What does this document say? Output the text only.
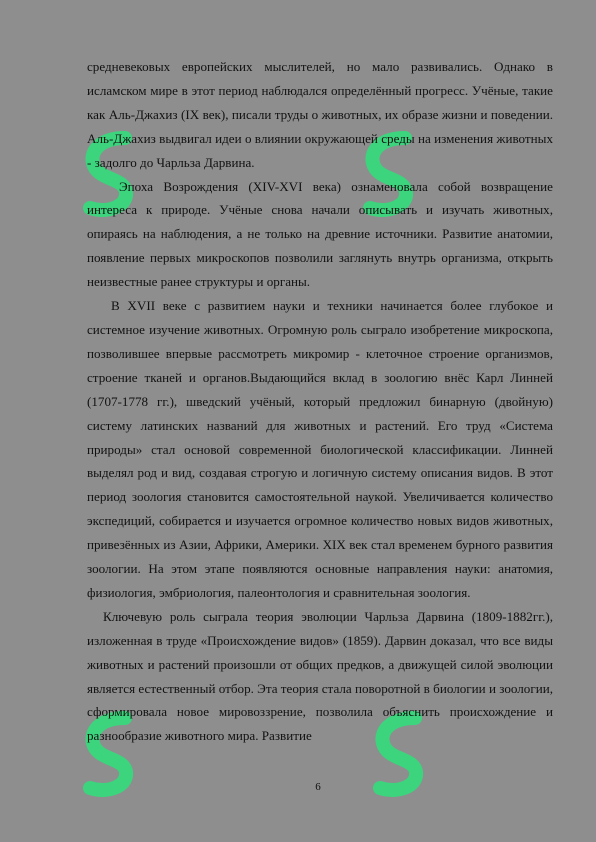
средневековых европейских мыслителей, но мало развивались. Однако в исламском мире в этот период наблюдался определённый прогресс. Учёные, такие как Аль-Джахиз (IX век), писали труды о животных, их образе жизни и поведении. Аль-Джахиз выдвигал идеи о влиянии окружающей среды на изменения животных - задолго до Чарльза Дарвина.

Эпоха Возрождения (XIV-XVI века) ознаменовала собой возвращение интереса к природе. Учёные снова начали описывать и изучать животных, опираясь на наблюдения, а не только на древние источники. Развитие анатомии, появление первых микроскопов позволили заглянуть внутрь организма, открыть неизвестные ранее структуры и органы.

В XVII веке с развитием науки и техники начинается более глубокое и системное изучение животных. Огромную роль сыграло изобретение микроскопа, позволившее впервые рассмотреть микромир - клеточное строение организмов, строение тканей и органов.Выдающийся вклад в зоологию внёс Карл Линней (1707-1778 гг.), шведский учёный, который предложил бинарную (двойную) систему латинских названий для животных и растений. Его труд «Система природы» стал основой современной биологической классификации. Линней выделял род и вид, создавая строгую и логичную систему описания видов. В этот период зоология становится самостоятельной наукой. Увеличивается количество экспедиций, собирается и изучается огромное количество новых видов животных, привезённых из Азии, Африки, Америки. XIX век стал временем бурного развития зоологии. На этом этапе появляются основные направления науки: анатомия, физиология, эмбриология, палеонтология и сравнительная зоология.

Ключевую роль сыграла теория эволюции Чарльза Дарвина (1809-1882гг.), изложенная в труде «Происхождение видов» (1859). Дарвин доказал, что все виды животных и растений произошли от общих предков, а движущей силой эволюции является естественный отбор. Эта теория стала поворотной в биологии и зоологии, сформировала новое мировоззрение, позволила объяснить происхождение и разнообразие животного мира. Развитие

6
